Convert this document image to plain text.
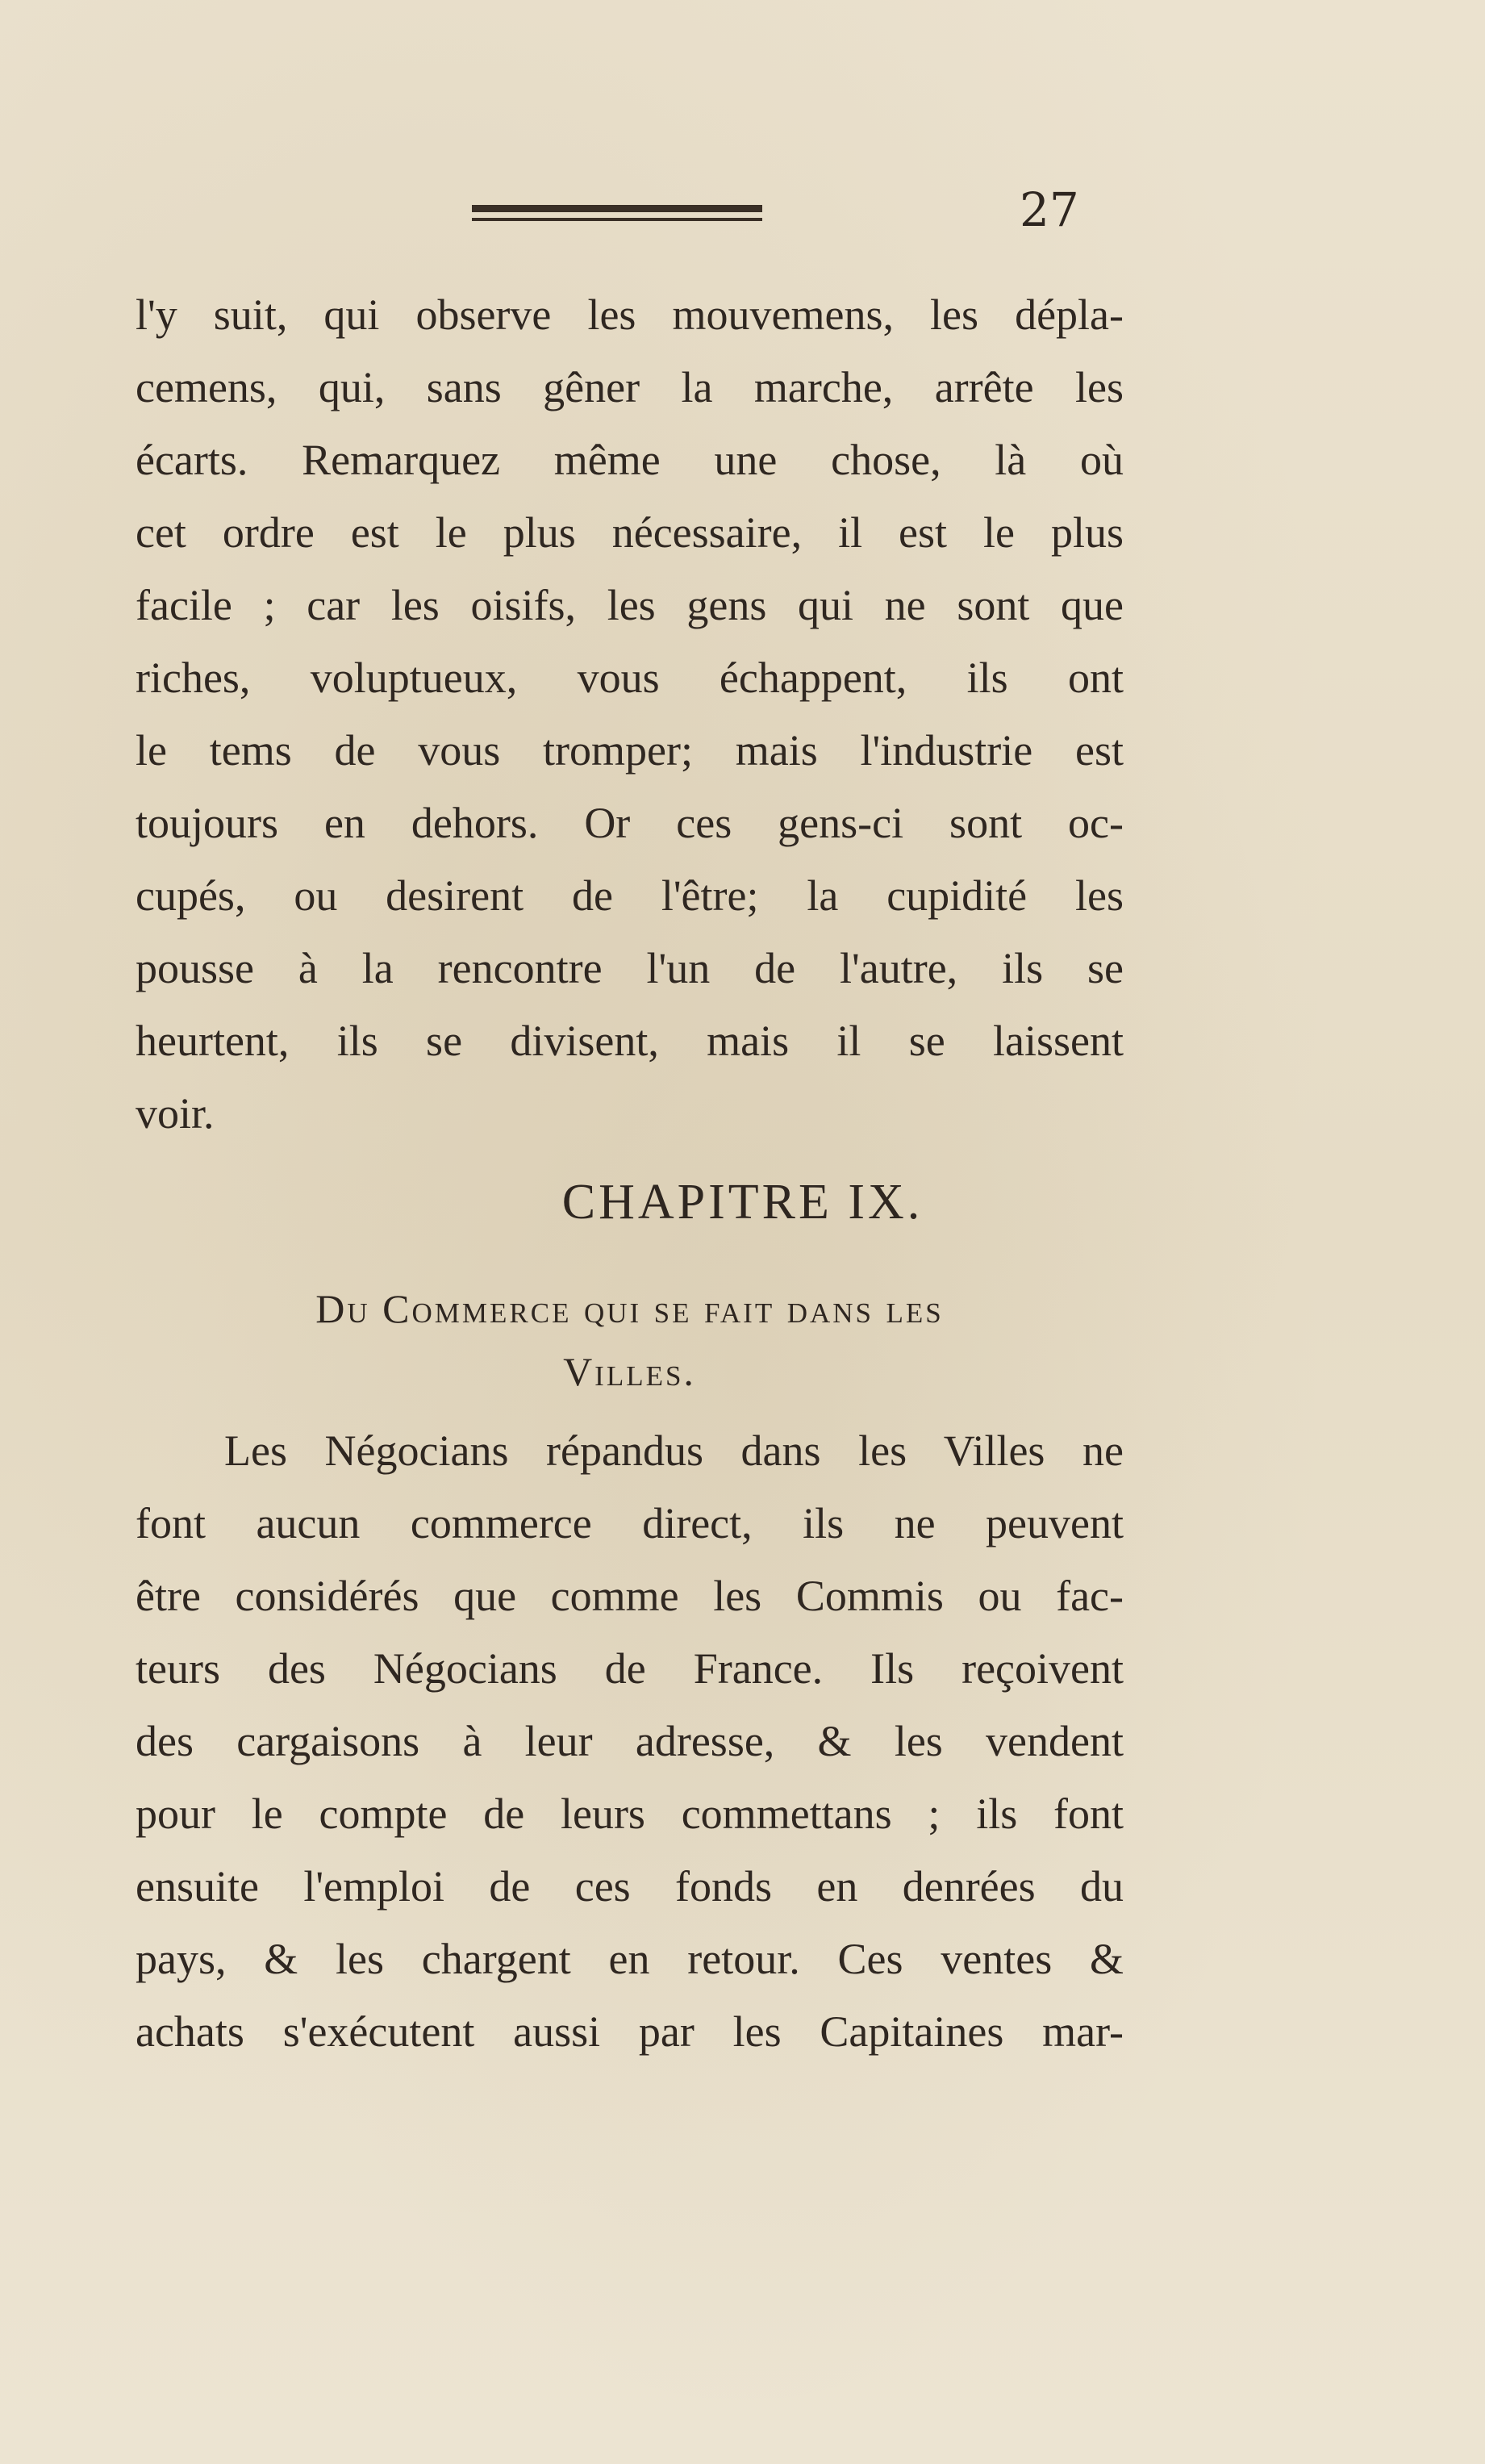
27

l'y suit, qui observe les mouvemens, les dépla-
cemens, qui, sans gêner la marche, arrête les
écarts. Remarquez même une chose, là où
cet ordre est le plus nécessaire, il est le plus
facile ; car les oisifs, les gens qui ne sont que
riches, voluptueux, vous échappent, ils ont
le tems de vous tromper; mais l'industrie est
toujours en dehors. Or ces gens-ci sont oc-
cupés, ou desirent de l'être; la cupidité les
pousse à la rencontre l'un de l'autre, ils se
heurtent, ils se divisent, mais il se laissent
voir.

CHAPITRE IX.

Du Commerce qui se fait dans les

Villes.

Les Négocians répandus dans les Villes ne
font aucun commerce direct, ils ne peuvent
être considérés que comme les Commis ou fac-
teurs des Négocians de France. Ils reçoivent
des cargaisons à leur adresse, & les vendent
pour le compte de leurs commettans ; ils font
ensuite l'emploi de ces fonds en denrées du
pays, & les chargent en retour. Ces ventes &
achats s'exécutent aussi par les Capitaines mar-
